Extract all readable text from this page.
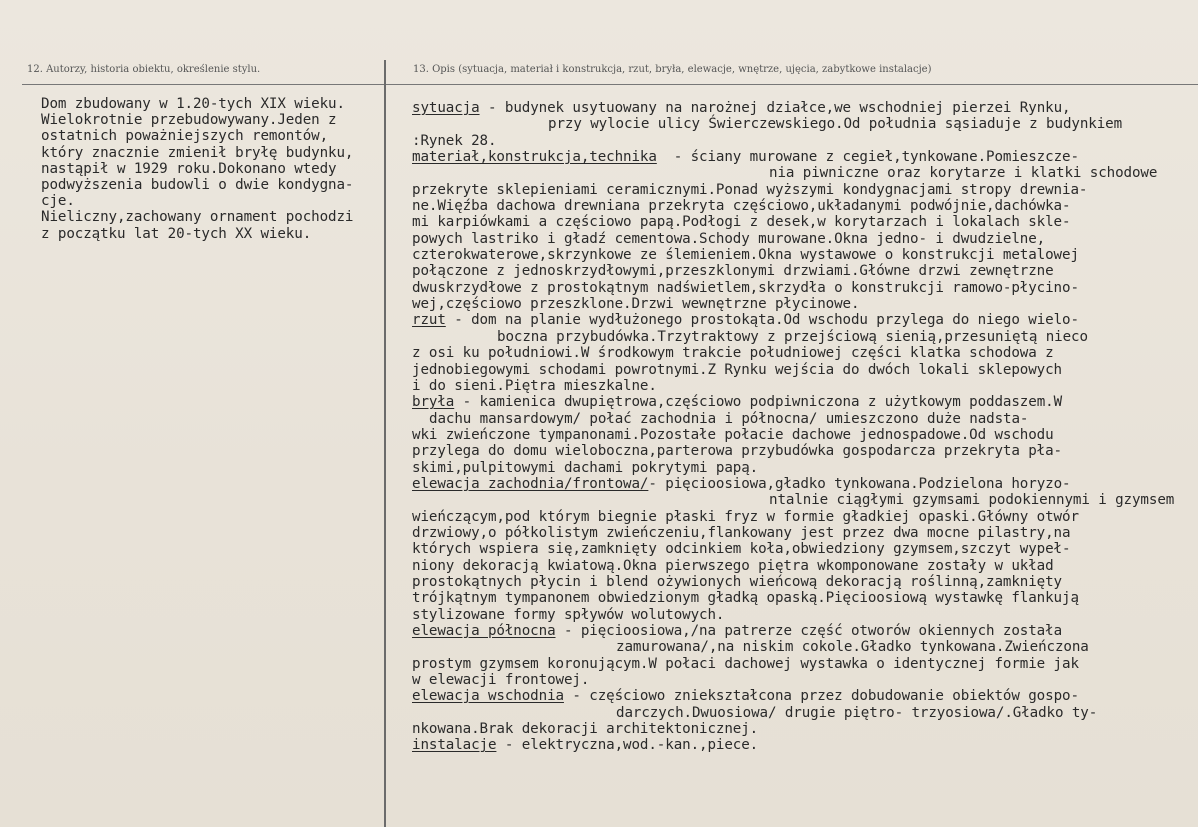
12. Autorzy, historia obiektu, określenie stylu.	13. Opis (sytuacja, materiał i konstrukcja, rzut, bryła, elewacje, wnętrze, ujęcia, zabytkowe instalacje)
Dom zbudowany w 1.20-tych XIX wieku.
Wielokrotnie przebudowywany.Jeden z
ostatnich poważniejszych remontów,
który znacznie zmienił bryłę budynku,
nastąpił w 1929 roku.Dokonano wtedy
podwyższenia budowli o dwie kondygna-
cje.
Nieliczny,zachowany ornament pochodzi
z początku lat 20-tych XX wieku.
sytuacja - budynek usytuowany na narożnej działce,we wschodniej pierzei Rynku,
przy wylocie ulicy Świerczewskiego.Od południa sąsiaduje z budynkiem
:Rynek 28.
materiał,konstrukcja,technika  - ściany murowane z cegieł,tynkowane.Pomieszcze-
nia piwniczne oraz korytarze i klatki schodowe
przekryte sklepieniami ceramicznymi.Ponad wyższymi kondygnacjami stropy drewnia-
ne.Więźba dachowa drewniana przekryta częściowo,układanymi podwójnie,dachówka-
mi karpiówkami a częściowo papą.Podłogi z desek,w korytarzach i lokalach skle-
powych lastriko i gładź cementowa.Schody murowane.Okna jedno- i dwudzielne,
czterokwaterowe,skrzynkowe ze ślemieniem.Okna wystawowe o konstrukcji metalowej
połączone z jednoskrzydłowymi,przeszklonymi drzwiami.Główne drzwi zewnętrzne
dwuskrzydłowe z prostokątnym nadświetlem,skrzydła o konstrukcji ramowo-płycino-
wej,częściowo przeszklone.Drzwi wewnętrzne płycinowe.
rzut - dom na planie wydłużonego prostokąta.Od wschodu przylega do niego wielo-
boczna przybudówka.Trzytraktowy z przejściową sienią,przesuniętą nieco
z osi ku południowi.W środkowym trakcie południowej części klatka schodowa z
jednobiegowymi schodami powrotnymi.Z Rynku wejścia do dwóch lokali sklepowych
i do sieni.Piętra mieszkalne.
bryła - kamienica dwupiętrowa,częściowo podpiwniczona z użytkowym poddaszem.W
dachu mansardowym/ połać zachodnia i północna/ umieszczono duże nadsta-
wki zwieńczone tympanonami.Pozostałe połacie dachowe jednospadowe.Od wschodu
przylega do domu wieloboczna,parterowa przybudówka gospodarcza przekryta pła-
skimi,pulpitowymi dachami pokrytymi papą.
elewacja zachodnia/frontowa/- pięcioosiowa,gładko tynkowana.Podzielona horyzo-
ntalnie ciągłymi gzymsami podokiennymi i gzymsem
wieńczącym,pod którym biegnie płaski fryz w formie gładkiej opaski.Główny otwór
drzwiowy,o półkolistym zwieńczeniu,flankowany jest przez dwa mocne pilastry,na
których wspiera się,zamknięty odcinkiem koła,obwiedziony gzymsem,szczyt wypeł-
niony dekoracją kwiatową.Okna pierwszego piętra wkomponowane zostały w układ
prostokątnych płycin i blend ożywionych wieńcową dekoracją roślinną,zamknięty
trójkątnym tympanonem obwiedzionym gładką opaską.Pięcioosiową wystawkę flankują
stylizowane formy spływów wolutowych.
elewacja północna - pięcioosiowa,/na patrerze część otworów okiennych została
zamurowana/,na niskim cokole.Gładko tynkowana.Zwieńczona
prostym gzymsem koronującym.W połaci dachowej wystawka o identycznej formie jak
w elewacji frontowej.
elewacja wschodnia - częściowo zniekształcona przez dobudowanie obiektów gospo-
darczych.Dwuosiowa/ drugie piętro- trzyosiowa/.Gładko ty-
nkowana.Brak dekoracji architektonicznej.
instalacje - elektryczna,wod.-kan.,piece.
